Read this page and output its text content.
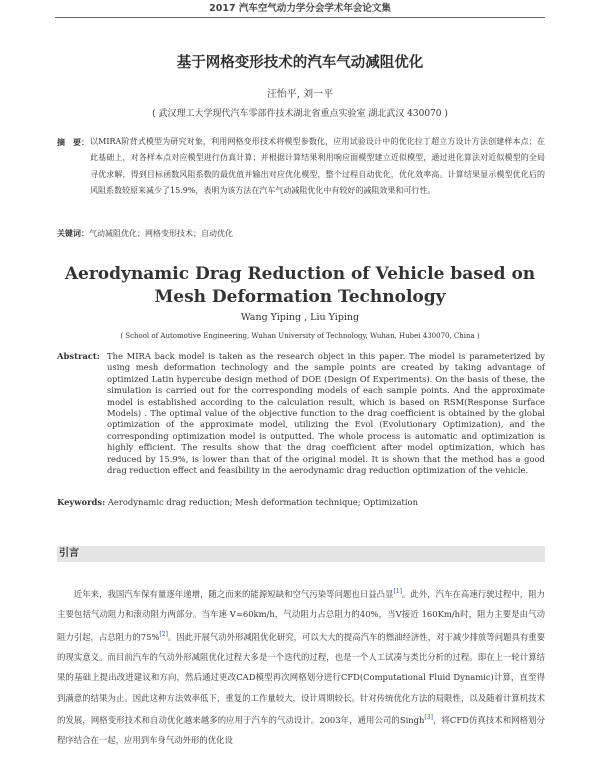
2017 汽车空气动力学分会学术年会论文集
基于网格变形技术的汽车气动减阻优化
汪怡平, 刘一平
( 武汉理工大学现代汽车零部件技术湖北省重点实验室 湖北武汉 430070 )
摘　要： 以MIRA阶背式模型为研究对象，利用网格变形技术将模型参数化，应用试验设计中的优化拉丁超立方设计方法创建样本点；在此基础上，对各样本点对应模型进行仿真计算；并根据计算结果利用响应面模型建立近似模型，通过进化算法对近似模型的全局寻优求解，得到目标函数风阻系数的最优值并输出对应优化模型，整个过程自动优化，优化效率高。计算结果显示模型优化后的风阻系数较原来减少了15.9%，表明为该方法在汽车气动减阻优化中有较好的减阻效果和可行性。
关键词：气动减阻优化；网格变形技术；自动优化
Aerodynamic Drag Reduction of Vehicle based on Mesh Deformation Technology
Wang Yiping , Liu Yiping
( School of Automotive Engineering, Wuhan University of Technology, Wuhan, Hubei 430070, China )
Abstract: The MIRA back model is taken as the research object in this paper. The model is parameterized by using mesh deformation technology and the sample points are created by taking advantage of optimized Latin hypercube design method of DOE (Design Of Experiments). On the basis of these, the simulation is carried out for the corresponding models of each sample points. And the approximate model is established according to the calculation result, which is based on RSM(Response Surface Models) . The optimal value of the objective function to the drag coefficient is obtained by the global optimization of the approximate model, utilizing the Evol (Evolutionary Optimization), and the corresponding optimization model is outputted. The whole process is automatic and optimization is highly efficient. The results show that the drag coefficient after model optimization, which has reduced by 15.9%, is lower than that of the original model. It is shown that the method has a good drag reduction effect and feasibility in the aerodynamic drag reduction optimization of the vehicle.
Keywords: Aerodynamic drag reduction; Mesh deformation technique; Optimization
引言

近年来，我国汽车保有量逐年递增，随之而来的能源短缺和空气污染等问题也日益凸显[1]。此外，汽车在高速行驶过程中，阻力主要包括气动阻力和滚动阻力两部分。当车速 V=60km/h，气动阻力占总阻力的40%，当V接近 160Km/h时，阻力主要是由气动阻力引起，占总阻力的75%[2]。因此开展气动外形减阻优化研究，可以大大的提高汽车的燃油经济性，对于减少排放等问题具有重要的现实意义。而目前汽车的气动外形减阻优化过程大多是一个迭代的过程，也是一个人工试凑与类比分析的过程。即在上一轮计算结果的基础上提出改进建议和方向，然后通过更改CAD模型再次网格划分进行CFD(Computational Fluid Dynamic)计算，直至得到满意的结果为止。因此这种方法效率低下，重复的工作量较大，设计周期较长。针对传统优化方法的局限性，以及随着计算机技术的发展，网格变形技术和自动优化越来越多的应用于汽车的气动设计。2003年，通用公司的Singh[3]，将CFD仿真技术和网格划分程序结合在一起，应用到车身气动外形的优化设
